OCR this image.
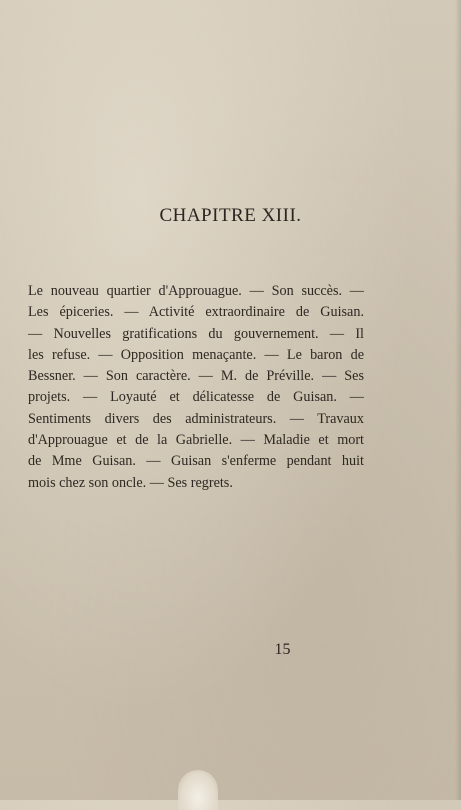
CHAPITRE XIII.
Le nouveau quartier d'Approuague. — Son succès. —
Les épiceries. — Activité extraordinaire de Guisan.
— Nouvelles gratifications du gouvernement. — Il
les refuse. — Opposition menaçante. — Le baron de
Bessner. — Son caractère. — M. de Préville. — Ses
projets. — Loyauté et délicatesse de Guisan. —
Sentiments divers des administrateurs. — Travaux
d'Approuague et de la Gabrielle. — Maladie et mort
de Mme Guisan. — Guisan s'enferme pendant huit
mois chez son oncle. — Ses regrets.
15
